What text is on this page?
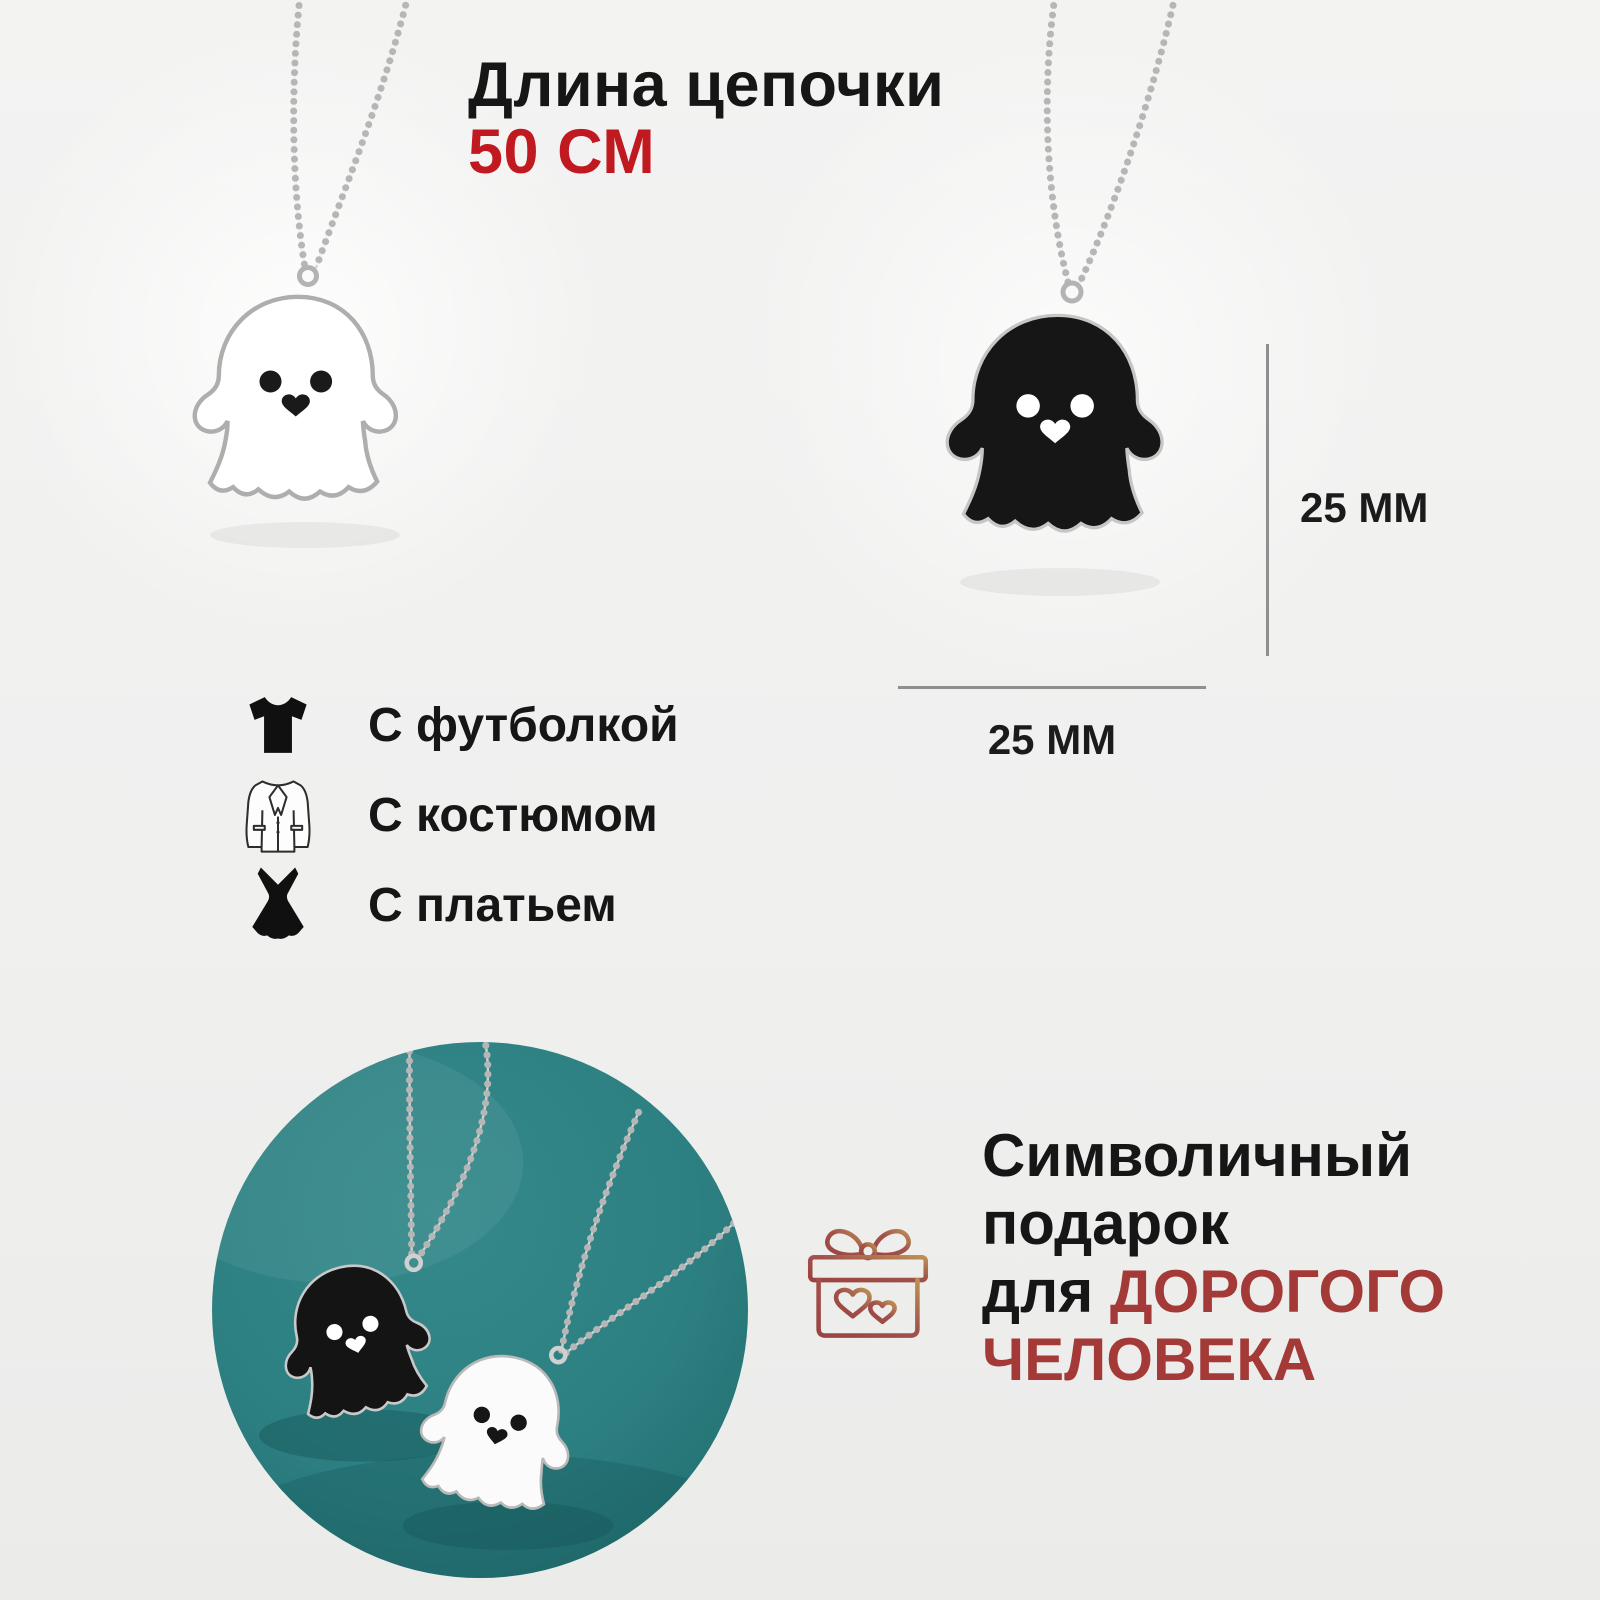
Длина цепочки
50 СМ
25 ММ
25 ММ
С футболкой
С костюмом
С платьем
Символичный
подарок
для ДОРОГОГО
ЧЕЛОВЕКА
